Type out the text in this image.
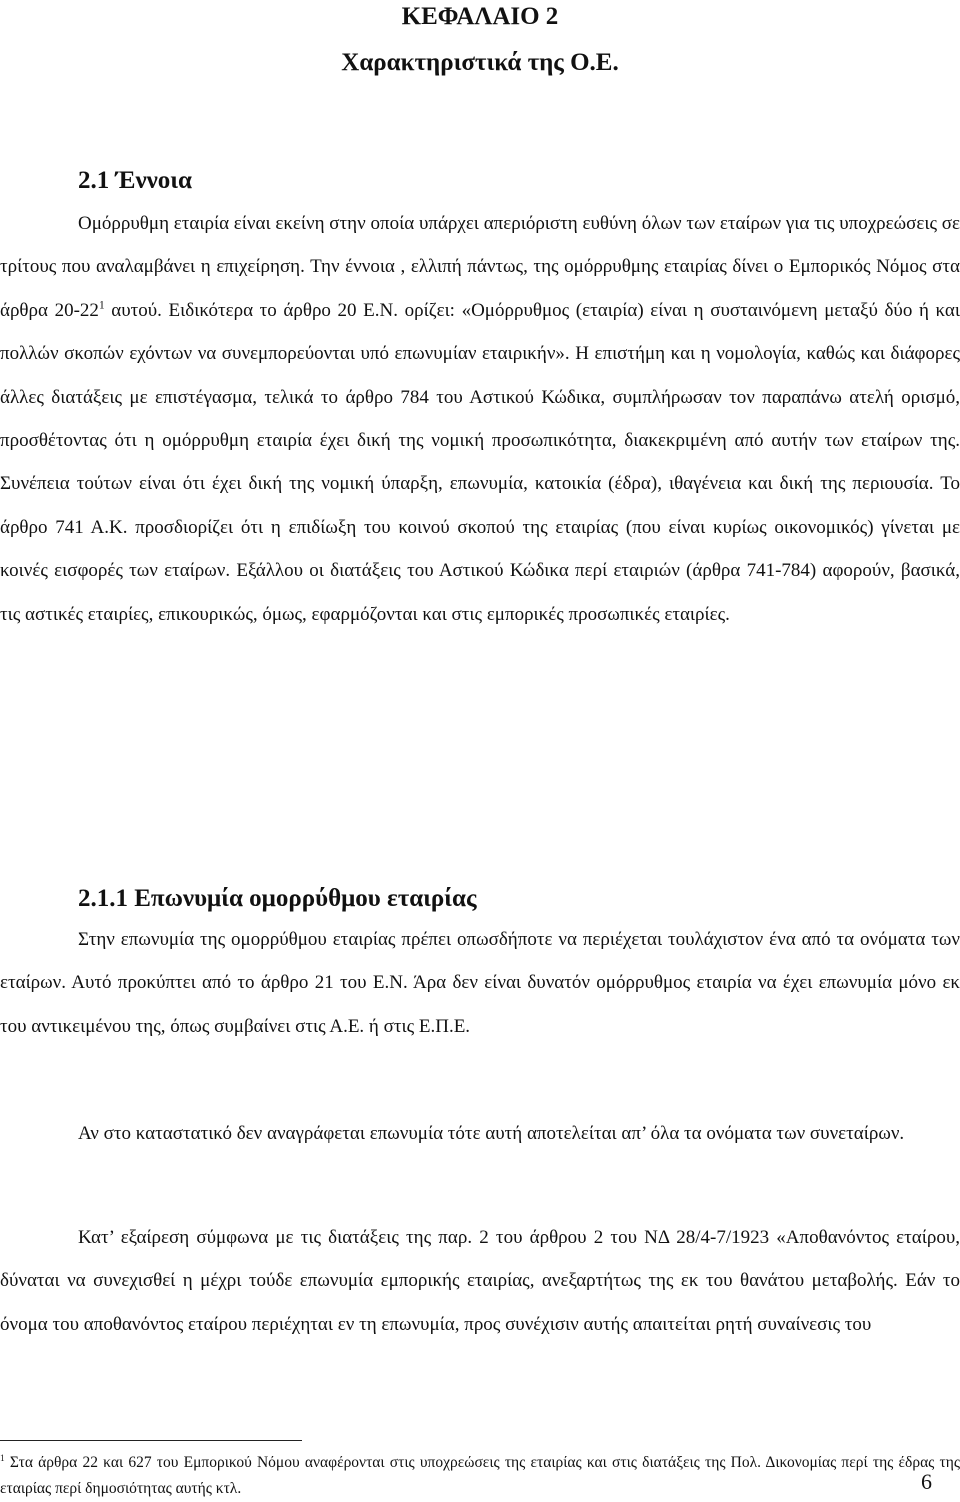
ΚΕΦΑΛΑΙΟ 2
Χαρακτηριστικά της Ο.Ε.
2.1 Έννοια

Ομόρρυθμη εταιρία είναι εκείνη στην οποία υπάρχει απεριόριστη ευθύνη όλων των εταίρων για τις υποχρεώσεις σε τρίτους που αναλαμβάνει η επιχείρηση. Την έννοια , ελλιπή πάντως, της ομόρρυθμης εταιρίας δίνει ο Εμπορικός Νόμος στα άρθρα $20-22^1$ αυτού. Ειδικότερα το άρθρο 20 Ε.Ν. ορίζει: «Ομόρρυθμος (εταιρία) είναι η συσταινόμενη μεταξύ δύο ή και πολλών σκοπών εχόντων να συνεμπορεύονται υπό επωνυμίαν εταιρικήν». Η επιστήμη και η νομολογία, καθώς και διάφορες άλλες διατάξεις με επιστέγασμα, τελικά το άρθρο 784 του Αστικού Κώδικα, συμπλήρωσαν τον παραπάνω ατελή ορισμό, προσθέτοντας ότι η ομόρρυθμη εταιρία έχει δική της νομική προσωπικότητα, διακεκριμένη από αυτήν των εταίρων της. Συνέπεια τούτων είναι ότι έχει δική της νομική ύπαρξη, επωνυμία, κατοικία (έδρα), ιθαγένεια και δική της περιουσία. Το άρθρο 741 Α.Κ. προσδιορίζει ότι η επιδίωξη του κοινού σκοπού της εταιρίας (που είναι κυρίως οικονομικός) γίνεται με κοινές εισφορές των εταίρων. Εξάλλου οι διατάξεις του Αστικού Κώδικα περί εταιριών (άρθρα 741-784) αφορούν, βασικά, τις αστικές εταιρίες, επικουρικώς, όμως, εφαρμόζονται και στις εμπορικές προσωπικές εταιρίες.

2.1.1 Επωνυμία ομορρύθμου εταιρίας

Στην επωνυμία της ομορρύθμου εταιρίας πρέπει οπωσδήποτε να περιέχεται τουλάχιστον ένα από τα ονόματα των εταίρων. Αυτό προκύπτει από το άρθρο 21 του Ε.Ν. Άρα δεν είναι δυνατόν ομόρρυθμος εταιρία να έχει επωνυμία μόνο εκ του αντικειμένου της, όπως συμβαίνει στις Α.Ε. ή στις Ε.Π.Ε.

Αν στο καταστατικό δεν αναγράφεται επωνυμία τότε αυτή αποτελείται απ’ όλα τα ονόματα των συνεταίρων.

Κατ’ εξαίρεση σύμφωνα με τις διατάξεις της παρ. 2 του άρθρου 2 του ΝΔ 28/4-7/1923 «Αποθανόντος εταίρου, δύναται να συνεχισθεί η μέχρι τούδε επωνυμία εμπορικής εταιρίας, ανεξαρτήτως της εκ του θανάτου μεταβολής. Εάν το όνομα του αποθανόντος εταίρου περιέχηται εν τη επωνυμία, προς συνέχισιν αυτής απαιτείται ρητή συναίνεσις του

$^1$ Στα άρθρα 22 και 627 του Εμπορικού Νόμου αναφέρονται στις υποχρεώσεις της εταιρίας και στις διατάξεις της Πολ. Δικονομίας περί της έδρας της εταιρίας περί δημοσιότητας αυτής κτλ.	6
